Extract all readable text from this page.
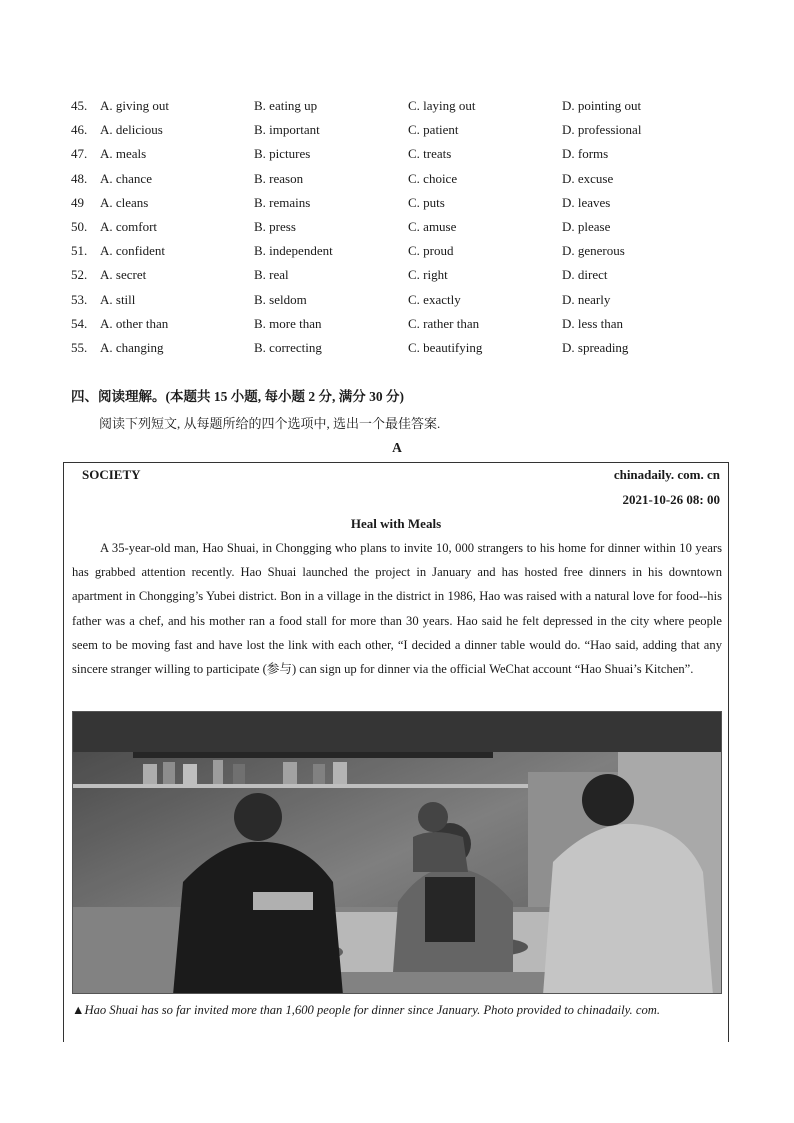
45. A. giving out	B. eating up	C. laying out	D. pointing out
46. A. delicious	B. important	C. patient	D. professional
47. A. meals	B. pictures	C. treats	D. forms
48. A. chance	B. reason	C. choice	D. excuse
49	A. cleans	B. remains	C. puts	D. leaves
50. A. comfort	B. press	C. amuse	D. please
51. A. confident	B. independent	C. proud	D. generous
52. A. secret	B. real	C. right	D. direct
53. A. still	B. seldom	C. exactly	D. nearly
54. A. other than	B. more than	C. rather than	D. less than
55. A. changing	B. correcting	C. beautifying	D. spreading
四、阅读理解。(本题共 15 小题, 每小题 2 分, 满分 30 分)
阅读下列短文, 从每题所给的四个选项中, 选出一个最佳答案.
A
SOCIETY	chinadaily. com. cn
2021-10-26 08: 00
Heal with Meals
A 35-year-old man, Hao Shuai, in Chongging who plans to invite 10, 000 strangers to his home for dinner within 10 years has grabbed attention recently. Hao Shuai launched the project in January and has hosted free dinners in his downtown apartment in Chongging’s Yubei district. Bon in a village in the district in 1986, Hao was raised with a natural love for food--his father was a chef, and his mother ran a food stall for more than 30 years. Hao said he felt depressed in the city where people seem to be moving fast and have lost the link with each other, “I decided a dinner table would do. “Hao said, adding that any sincere stranger willing to participate (参与) can sign up for dinner via the official WeChat account “Hao Shuai’s Kitchen”.
▲Hao Shuai has so far invited more than 1,600 people for dinner since January. Photo provided to chinadaily. com.
